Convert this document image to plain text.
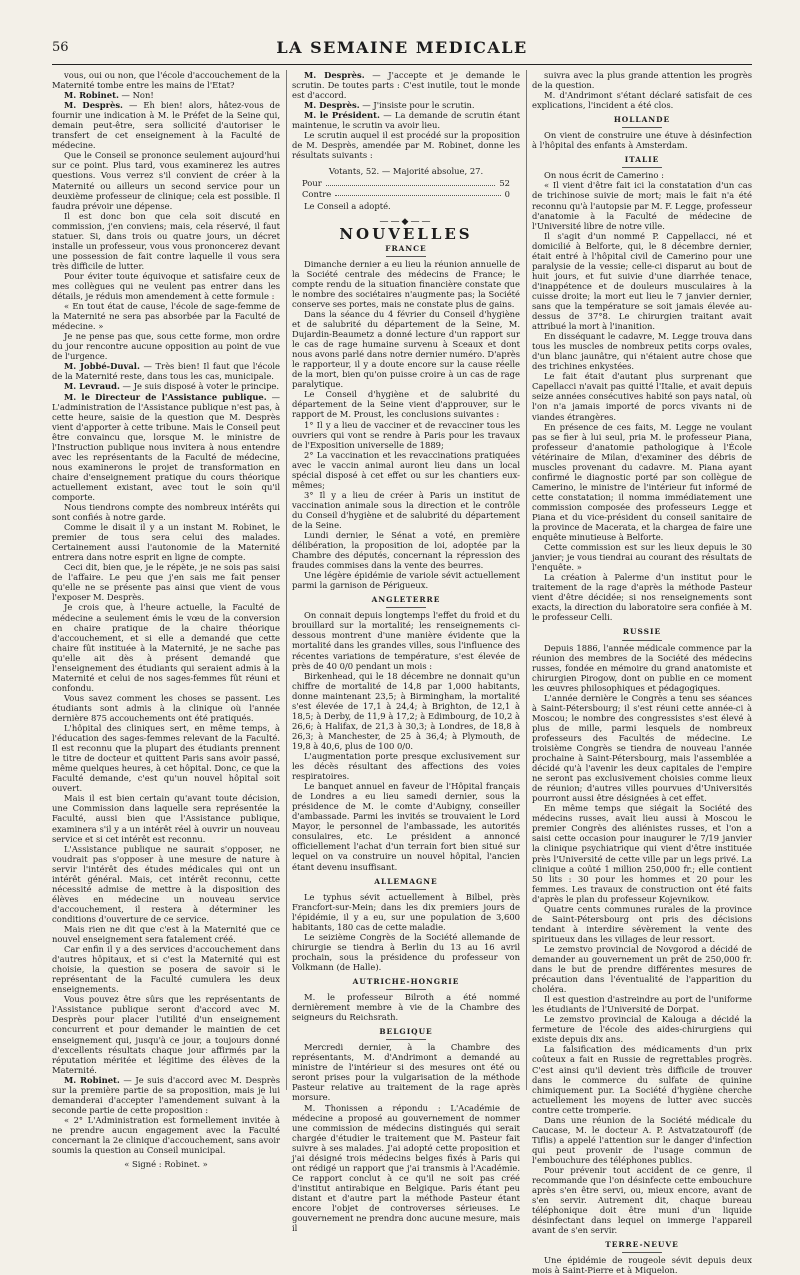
56	LA SEMAINE MEDICALE

vous, oui ou non, que l'école d'accouchement de la Maternité tombe entre les mains de l'Etat?

M. Robinet. — Non!

M. Desprès. — Eh bien! alors, hâtez-vous de fournir une indication à M. le Préfet de la Seine qui, demain peut-être, sera sollicité d'autoriser le transfert de cet enseignement à la Faculté de médecine.

Que le Conseil se prononce seulement aujourd'hui sur ce point. Plus tard, vous examinerez les autres questions. Vous verrez s'il convient de créer à la Maternité ou ailleurs un second service pour un deuxième professeur de clinique; cela est possible. Il faudra prévoir une dépense.

Il est donc bon que cela soit discuté en commission, j'en conviens; mais, cela réservé, il faut statuer. Si, dans trois ou quatre jours, un décret installe un professeur, vous vous prononcerez devant une possession de fait contre laquelle il vous sera très difficile de lutter.

Pour éviter toute équivoque et satisfaire ceux de mes collègues qui ne veulent pas entrer dans les détails, je réduis mon amendement à cette formule :

« En tout état de cause, l'école de sage-femme de la Maternité ne sera pas absorbée par la Faculté de médecine. »

Je ne pense pas que, sous cette forme, mon ordre du jour rencontre aucune opposition au point de vue de l'urgence.

M. Jobbé-Duval. — Très bien! Il faut que l'école de la Maternité reste, dans tous les cas, municipale.

M. Levraud. — Je suis disposé à voter le principe.

M. le Directeur de l'Assistance publique. — L'administration de l'Assistance publique n'est pas, à cette heure, saisie de la question que M. Desprès vient d'apporter à cette tribune. Mais le Conseil peut être convaincu que, lorsque M. le ministre de l'Instruction publique nous invitera à nous entendre avec les représentants de la Faculté de médecine, nous examinerons le projet de transformation en chaire d'enseignement pratique du cours théorique actuellement existant, avec tout le soin qu'il comporte.

Nous tiendrons compte des nombreux intérêts qui sont confiés à notre garde.

Comme le disait il y a un instant M. Robinet, le premier de tous sera celui des malades. Certainement aussi l'autonomie de la Maternité entrera dans notre esprit en ligne de compte.

Ceci dit, bien que, je le répète, je ne sois pas saisi de l'affaire. Le peu que j'en sais me fait penser qu'elle ne se présente pas ainsi que vient de vous l'exposer M. Desprès.

Je crois que, à l'heure actuelle, la Faculté de médecine a seulement émis le vœu de la conversion en chaire pratique de la chaire théorique d'accouchement, et si elle a demandé que cette chaire fût instituée à la Maternité, je ne sache pas qu'elle ait dès à présent demandé que l'enseignement des étudiants qui seraient admis à la Maternité et celui de nos sages-femmes fût réuni et confondu.

Vous savez comment les choses se passent. Les étudiants sont admis à la clinique où l'année dernière 875 accouchements ont été pratiqués.

L'hôpital des cliniques sert, en même temps, à l'éducation des sages-femmes relevant de la Faculté. Il est reconnu que la plupart des étudiants prennent le titre de docteur et quittent Paris sans avoir passé, même quelques heures, à cet hôpital. Donc, ce que la Faculté demande, c'est qu'un nouvel hôpital soit ouvert.

Mais il est bien certain qu'avant toute décision, une Commission dans laquelle sera représentée la Faculté, aussi bien que l'Assistance publique, examinera s'il y a un intérêt réel à ouvrir un nouveau service et si cet intérêt est reconnu.

L'Assistance publique ne saurait s'opposer, ne voudrait pas s'opposer à une mesure de nature à servir l'intérêt des études médicales qui ont un intérêt général. Mais, cet intérêt reconnu, cette nécessité admise de mettre à la disposition des élèves en médecine un nouveau service d'accouchement, il restera à déterminer les conditions d'ouverture de ce service.

Mais rien ne dit que c'est à la Maternité que ce nouvel enseignement sera fatalement créé.

Car enfin il y a des services d'accouchement dans d'autres hôpitaux, et si c'est la Maternité qui est choisie, la question se posera de savoir si le représentant de la Faculté cumulera les deux enseignements.

Vous pouvez être sûrs que les représentants de l'Assistance publique seront d'accord avec M. Desprès pour placer l'utilité d'un enseignement concurrent et pour demander le maintien de cet enseignement qui, jusqu'à ce jour, a toujours donné d'excellents résultats chaque jour affirmés par la réputation méritée et légitime des élèves de la Maternité.

M. Robinet. — Je suis d'accord avec M. Desprès sur la première partie de sa proposition, mais je lui demanderai d'accepter l'amendement suivant à la seconde partie de cette proposition :

« 2° L'Administration est formellement invitée à ne prendre aucun engagement avec la Faculté concernant la 2e clinique d'accouchement, sans avoir soumis la question au Conseil municipal.

« Signé : Robinet. »

M. Desprès. — J'accepte et je demande le scrutin. De toutes parts : C'est inutile, tout le monde est d'accord.

M. Desprès. — J'insiste pour le scrutin.

M. le Président. — La demande de scrutin étant maintenue, le scrutin va avoir lieu.

Le scrutin auquel il est procédé sur la proposition de M. Desprès, amendée par M. Robinet, donne les résultats suivants :

Votants, 52. — Majorité absolue, 27.
Pour	52
Contre	0

Le Conseil a adopté.

——◆——
NOUVELLES
FRANCE

Dimanche dernier a eu lieu la réunion annuelle de la Société centrale des médecins de France; le compte rendu de la situation financière constate que le nombre des sociétaires n'augmente pas; la Société conserve ses portes, mais ne constate plus de gains.

Dans la séance du 4 février du Conseil d'hygiène et de salubrité du département de la Seine, M. Dujardin-Beaumetz a donné lecture d'un rapport sur le cas de rage humaine survenu à Sceaux et dont nous avons parlé dans notre dernier numéro. D'après le rapporteur, il y a doute encore sur la cause réelle de la mort, bien qu'on puisse croire à un cas de rage paralytique.

Le Conseil d'hygiène et de salubrité du département de la Seine vient d'approuver, sur le rapport de M. Proust, les conclusions suivantes :

1° Il y a lieu de vacciner et de revacciner tous les ouvriers qui vont se rendre à Paris pour les travaux de l'Exposition universelle de 1889;

2° La vaccination et les revaccinations pratiquées avec le vaccin animal auront lieu dans un local spécial disposé à cet effet ou sur les chantiers eux-mêmes;

3° Il y a lieu de créer à Paris un institut de vaccination animale sous la direction et le contrôle du Conseil d'hygiène et de salubrité du département de la Seine.

Lundi dernier, le Sénat a voté, en première délibération, la proposition de loi, adoptée par la Chambre des députés, concernant la répression des fraudes commises dans la vente des beurres.

Une légère épidémie de variole sévit actuellement parmi la garnison de Périgueux.

ANGLETERRE

On connait depuis longtemps l'effet du froid et du brouillard sur la mortalité; les renseignements ci-dessous montrent d'une manière évidente que la mortalité dans les grandes villes, sous l'influence des récentes variations de température, s'est élevée de près de 40 0/0 pendant un mois :

Birkenhead, qui le 18 décembre ne donnait qu'un chiffre de mortalité de 14,8 par 1,000 habitants, donne maintenant 23,5; à Birmingham, la mortalité s'est élevée de 17,1 à 24,4; à Brighton, de 12,1 à 18,5; à Derby, de 11,9 à 17,2; à Edimbourg, de 10,2 à 26,6; à Halifax, de 21,3 à 30,3; à Londres, de 18,8 à 26,3; à Manchester, de 25 à 36,4; à Plymouth, de 19,8 à 40,6, plus de 100 0/0.

L'augmentation porte presque exclusivement sur les décès résultant des affections des voies respiratoires.

Le banquet annuel en faveur de l'Hôpital français de Londres a eu lieu samedi dernier, sous la présidence de M. le comte d'Aubigny, conseiller d'ambassade. Parmi les invités se trouvaient le Lord Mayor, le personnel de l'ambassade, les autorités consulaires, etc. Le président a annoncé officiellement l'achat d'un terrain fort bien situé sur lequel on va construire un nouvel hôpital, l'ancien étant devenu insuffisant.

ALLEMAGNE

Le typhus sévit actuellement à Bilbel, près Francfort-sur-Mein; dans les dix premiers jours de l'épidémie, il y a eu, sur une population de 3,600 habitants, 180 cas de cette maladie.

Le seizième Congrès de la Société allemande de chirurgie se tiendra à Berlin du 13 au 16 avril prochain, sous la présidence du professeur von Volkmann (de Halle).

AUTRICHE-HONGRIE

M. le professeur Bilroth a été nommé dernièrement membre à vie de la Chambre des seigneurs du Reichsrath.

BELGIQUE

Mercredi dernier, à la Chambre des représentants, M. d'Andrimont a demandé au ministre de l'intérieur si des mesures ont été ou seront prises pour la vulgarisation de la méthode Pasteur relative au traitement de la rage après morsure.

M. Thonissen a répondu : L'Académie de médecine a proposé au gouvernement de nommer une commission de médecins distingués qui serait chargée d'étudier le traitement que M. Pasteur fait suivre à ses malades. J'ai adopté cette proposition et j'ai désigné trois médecins belges fixés à Paris qui ont rédigé un rapport que j'ai transmis à l'Académie. Ce rapport conclut à ce qu'il ne soit pas créé d'institut antirabique en Belgique. Paris étant peu distant et d'autre part la méthode Pasteur étant encore l'objet de controverses sérieuses. Le gouvernement ne prendra donc aucune mesure, mais il

suivra avec la plus grande attention les progrès de la question.

M. d'Andrimont s'étant déclaré satisfait de ces explications, l'incident a été clos.

HOLLANDE

On vient de construire une étuve à désinfection à l'hôpital des enfants à Amsterdam.

ITALIE

On nous écrit de Camerino :

« Il vient d'être fait ici la constatation d'un cas de trichinose suivie de mort; mais le fait n'a été reconnu qu'à l'autopsie par M. F. Legge, professeur d'anatomie à la Faculté de médecine de l'Université libre de notre ville.

Il s'agit d'un nommé P. Cappellacci, né et domicilié à Belforte, qui, le 8 décembre dernier, était entré à l'hôpital civil de Camerino pour une paralysie de la vessie; celle-ci disparut au bout de huit jours, et fut suivie d'une diarrhée tenace, d'inappétence et de douleurs musculaires à la cuisse droite; la mort eut lieu le 7 janvier dernier, sans que la température se soit jamais élevée au-dessus de 37°8. Le chirurgien traitant avait attribué la mort à l'inanition.

En disséquant le cadavre, M. Legge trouva dans tous les muscles de nombreux petits corps ovales, d'un blanc jaunâtre, qui n'étaient autre chose que des trichines enkystées.

Le fait était d'autant plus surprenant que Capellacci n'avait pas quitté l'Italie, et avait depuis seize années consécutives habité son pays natal, où l'on n'a jamais importé de porcs vivants ni de viandes étrangères.

En présence de ces faits, M. Legge ne voulant pas se fier à lui seul, pria M. le professeur Piana, professeur d'anatomie pathologique à l'École vétérinaire de Milan, d'examiner des débris de muscles provenant du cadavre. M. Piana ayant confirmé le diagnostic porté par son collègue de Camerino, le ministre de l'intérieur fut informé de cette constatation; il nomma immédiatement une commission composée des professeurs Legge et Piana et du vice-président du conseil sanitaire de la province de Macerata, et la chargea de faire une enquête minutieuse à Belforte.

Cette commission est sur les lieux depuis le 30 janvier; je vous tiendrai au courant des résultats de l'enquête. »

La création à Palerme d'un institut pour le traitement de la rage d'après la méthode Pasteur vient d'être décidée; si nos renseignements sont exacts, la direction du laboratoire sera confiée à M. le professeur Celli.

RUSSIE

Depuis 1886, l'année médicale commence par la réunion des membres de la Société des médecins russes, fondée en mémoire du grand anatomiste et chirurgien Pirogow, dont on publie en ce moment les œuvres philosophiques et pédagogiques.

L'année dernière le Congrès a tenu ses séances à Saint-Pétersbourg; il s'est réuni cette année-ci à Moscou; le nombre des congressistes s'est élevé à plus de mille, parmi lesquels de nombreux professeurs des Facultés de médecine. Le troisième Congrès se tiendra de nouveau l'année prochaine à Saint-Pétersbourg, mais l'assemblée a décidé qu'à l'avenir les deux capitales de l'empire ne seront pas exclusivement choisies comme lieux de réunion; d'autres villes pourvues d'Universités pourront aussi être désignées à cet effet.

En même temps que siégait la Société des médecins russes, avait lieu aussi à Moscou le premier Congrès des aliénistes russes, et l'on a saisi cette occasion pour inaugurer le 7/19 janvier la clinique psychiatrique qui vient d'être instituée près l'Université de cette ville par un legs privé. La clinique a coûté 1 million 250,000 fr.; elle contient 50 lits : 30 pour les hommes et 20 pour les femmes. Les travaux de construction ont été faits d'après le plan du professeur Kojevnikow.

Quatre cents communes rurales de la province de Saint-Pétersbourg ont pris des décisions tendant à interdire sévèrement la vente des spiritueux dans les villages de leur ressort.

Le zemstvo provincial de Novgorod a décidé de demander au gouvernement un prêt de 250,000 fr. dans le but de prendre différentes mesures de précaution dans l'éventualité de l'apparition du choléra.

Il est question d'astreindre au port de l'uniforme les étudiants de l'Université de Dorpat.

Le zemstvo provincial de Kalouga a décidé la fermeture de l'école des aides-chirurgiens qui existe depuis dix ans.

La falsification des médicaments d'un prix coûteux a fait en Russie de regrettables progrès. C'est ainsi qu'il devient très difficile de trouver dans le commerce du sulfate de quinine chimiquement pur. La Société d'hygiène cherche actuellement les moyens de lutter avec succès contre cette tromperie.

Dans une réunion de la Société médicale du Caucase, M. le docteur A. P. Astvatzatouroff (de Tiflis) a appelé l'attention sur le danger d'infection qui peut provenir de l'usage commun de l'embouchure des téléphones publics.

Pour prévenir tout accident de ce genre, il recommande que l'on désinfecte cette embouchure après s'en être servi, ou, mieux encore, avant de s'en servir. Autrement dit, chaque bureau téléphonique doit être muni d'un liquide désinfectant dans lequel on immerge l'appareil avant de s'en servir.

TERRE-NEUVE

Une épidémie de rougeole sévit depuis deux mois à Saint-Pierre et à Miquelon.
